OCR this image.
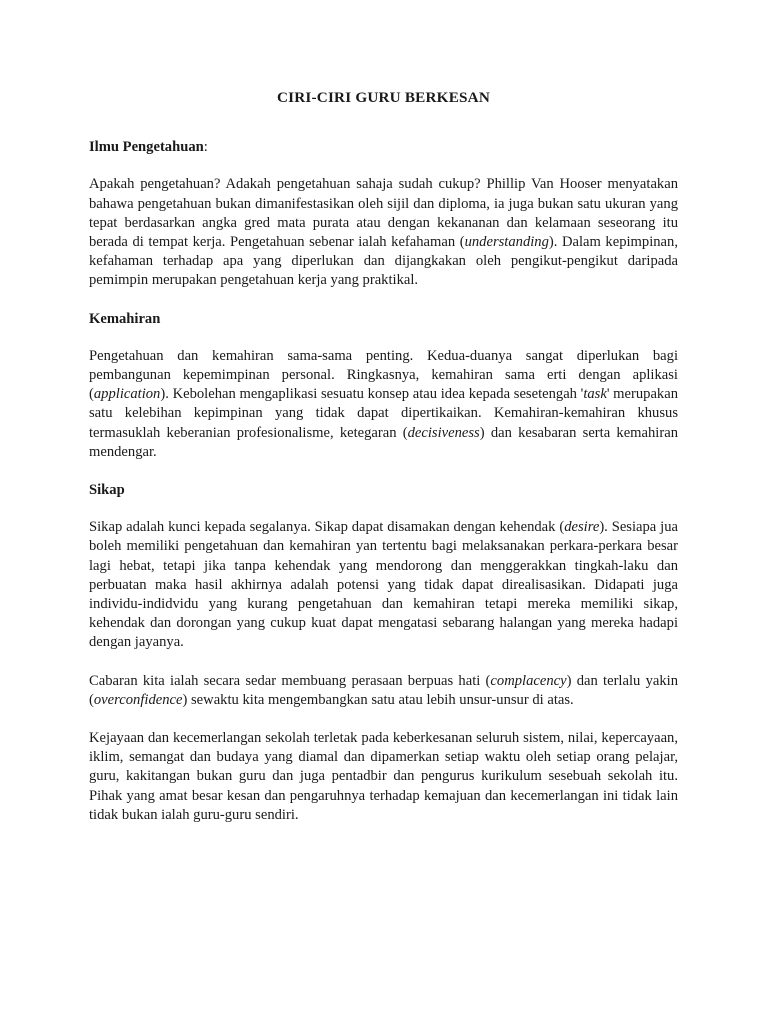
CIRI-CIRI GURU BERKESAN
Ilmu Pengetahuan:

Apakah pengetahuan? Adakah pengetahuan sahaja sudah cukup? Phillip Van Hooser menyatakan bahawa pengetahuan bukan dimanifestasikan oleh sijil dan diploma, ia juga bukan satu ukuran yang tepat berdasarkan angka gred mata purata atau dengan kekananan dan kelamaan seseorang itu berada di tempat kerja. Pengetahuan sebenar ialah kefahaman (understanding). Dalam kepimpinan, kefahaman terhadap apa yang diperlukan dan dijangkakan oleh pengikut-pengikut daripada pemimpin merupakan pengetahuan kerja yang praktikal.

Kemahiran

Pengetahuan dan kemahiran sama-sama penting. Kedua-duanya sangat diperlukan bagi pembangunan kepemimpinan personal. Ringkasnya, kemahiran sama erti dengan aplikasi (application). Kebolehan mengaplikasi sesuatu konsep atau idea kepada sesetengah 'task' merupakan satu kelebihan kepimpinan yang tidak dapat dipertikaikan. Kemahiran-kemahiran khusus termasuklah keberanian profesionalisme, ketegaran (decisiveness) dan kesabaran serta kemahiran mendengar.

Sikap

Sikap adalah kunci kepada segalanya. Sikap dapat disamakan dengan kehendak (desire). Sesiapa jua boleh memiliki pengetahuan dan kemahiran yan tertentu bagi melaksanakan perkara-perkara besar lagi hebat, tetapi jika tanpa kehendak yang mendorong dan menggerakkan tingkah-laku dan perbuatan maka hasil akhirnya adalah potensi yang tidak dapat direalisasikan. Didapati juga individu-indidvidu yang kurang pengetahuan dan kemahiran tetapi mereka memiliki sikap, kehendak dan dorongan yang cukup kuat dapat mengatasi sebarang halangan yang mereka hadapi dengan jayanya.

Cabaran kita ialah secara sedar membuang perasaan berpuas hati (complacency) dan terlalu yakin (overconfidence) sewaktu kita mengembangkan satu atau lebih unsur-unsur di atas.

Kejayaan dan kecemerlangan sekolah terletak pada keberkesanan seluruh sistem, nilai, kepercayaan, iklim, semangat dan budaya yang diamal dan dipamerkan setiap waktu oleh setiap orang pelajar, guru, kakitangan bukan guru dan juga pentadbir dan pengurus kurikulum sesebuah sekolah itu. Pihak yang amat besar kesan dan pengaruhnya terhadap kemajuan dan kecemerlangan ini tidak lain tidak bukan ialah guru-guru sendiri.
